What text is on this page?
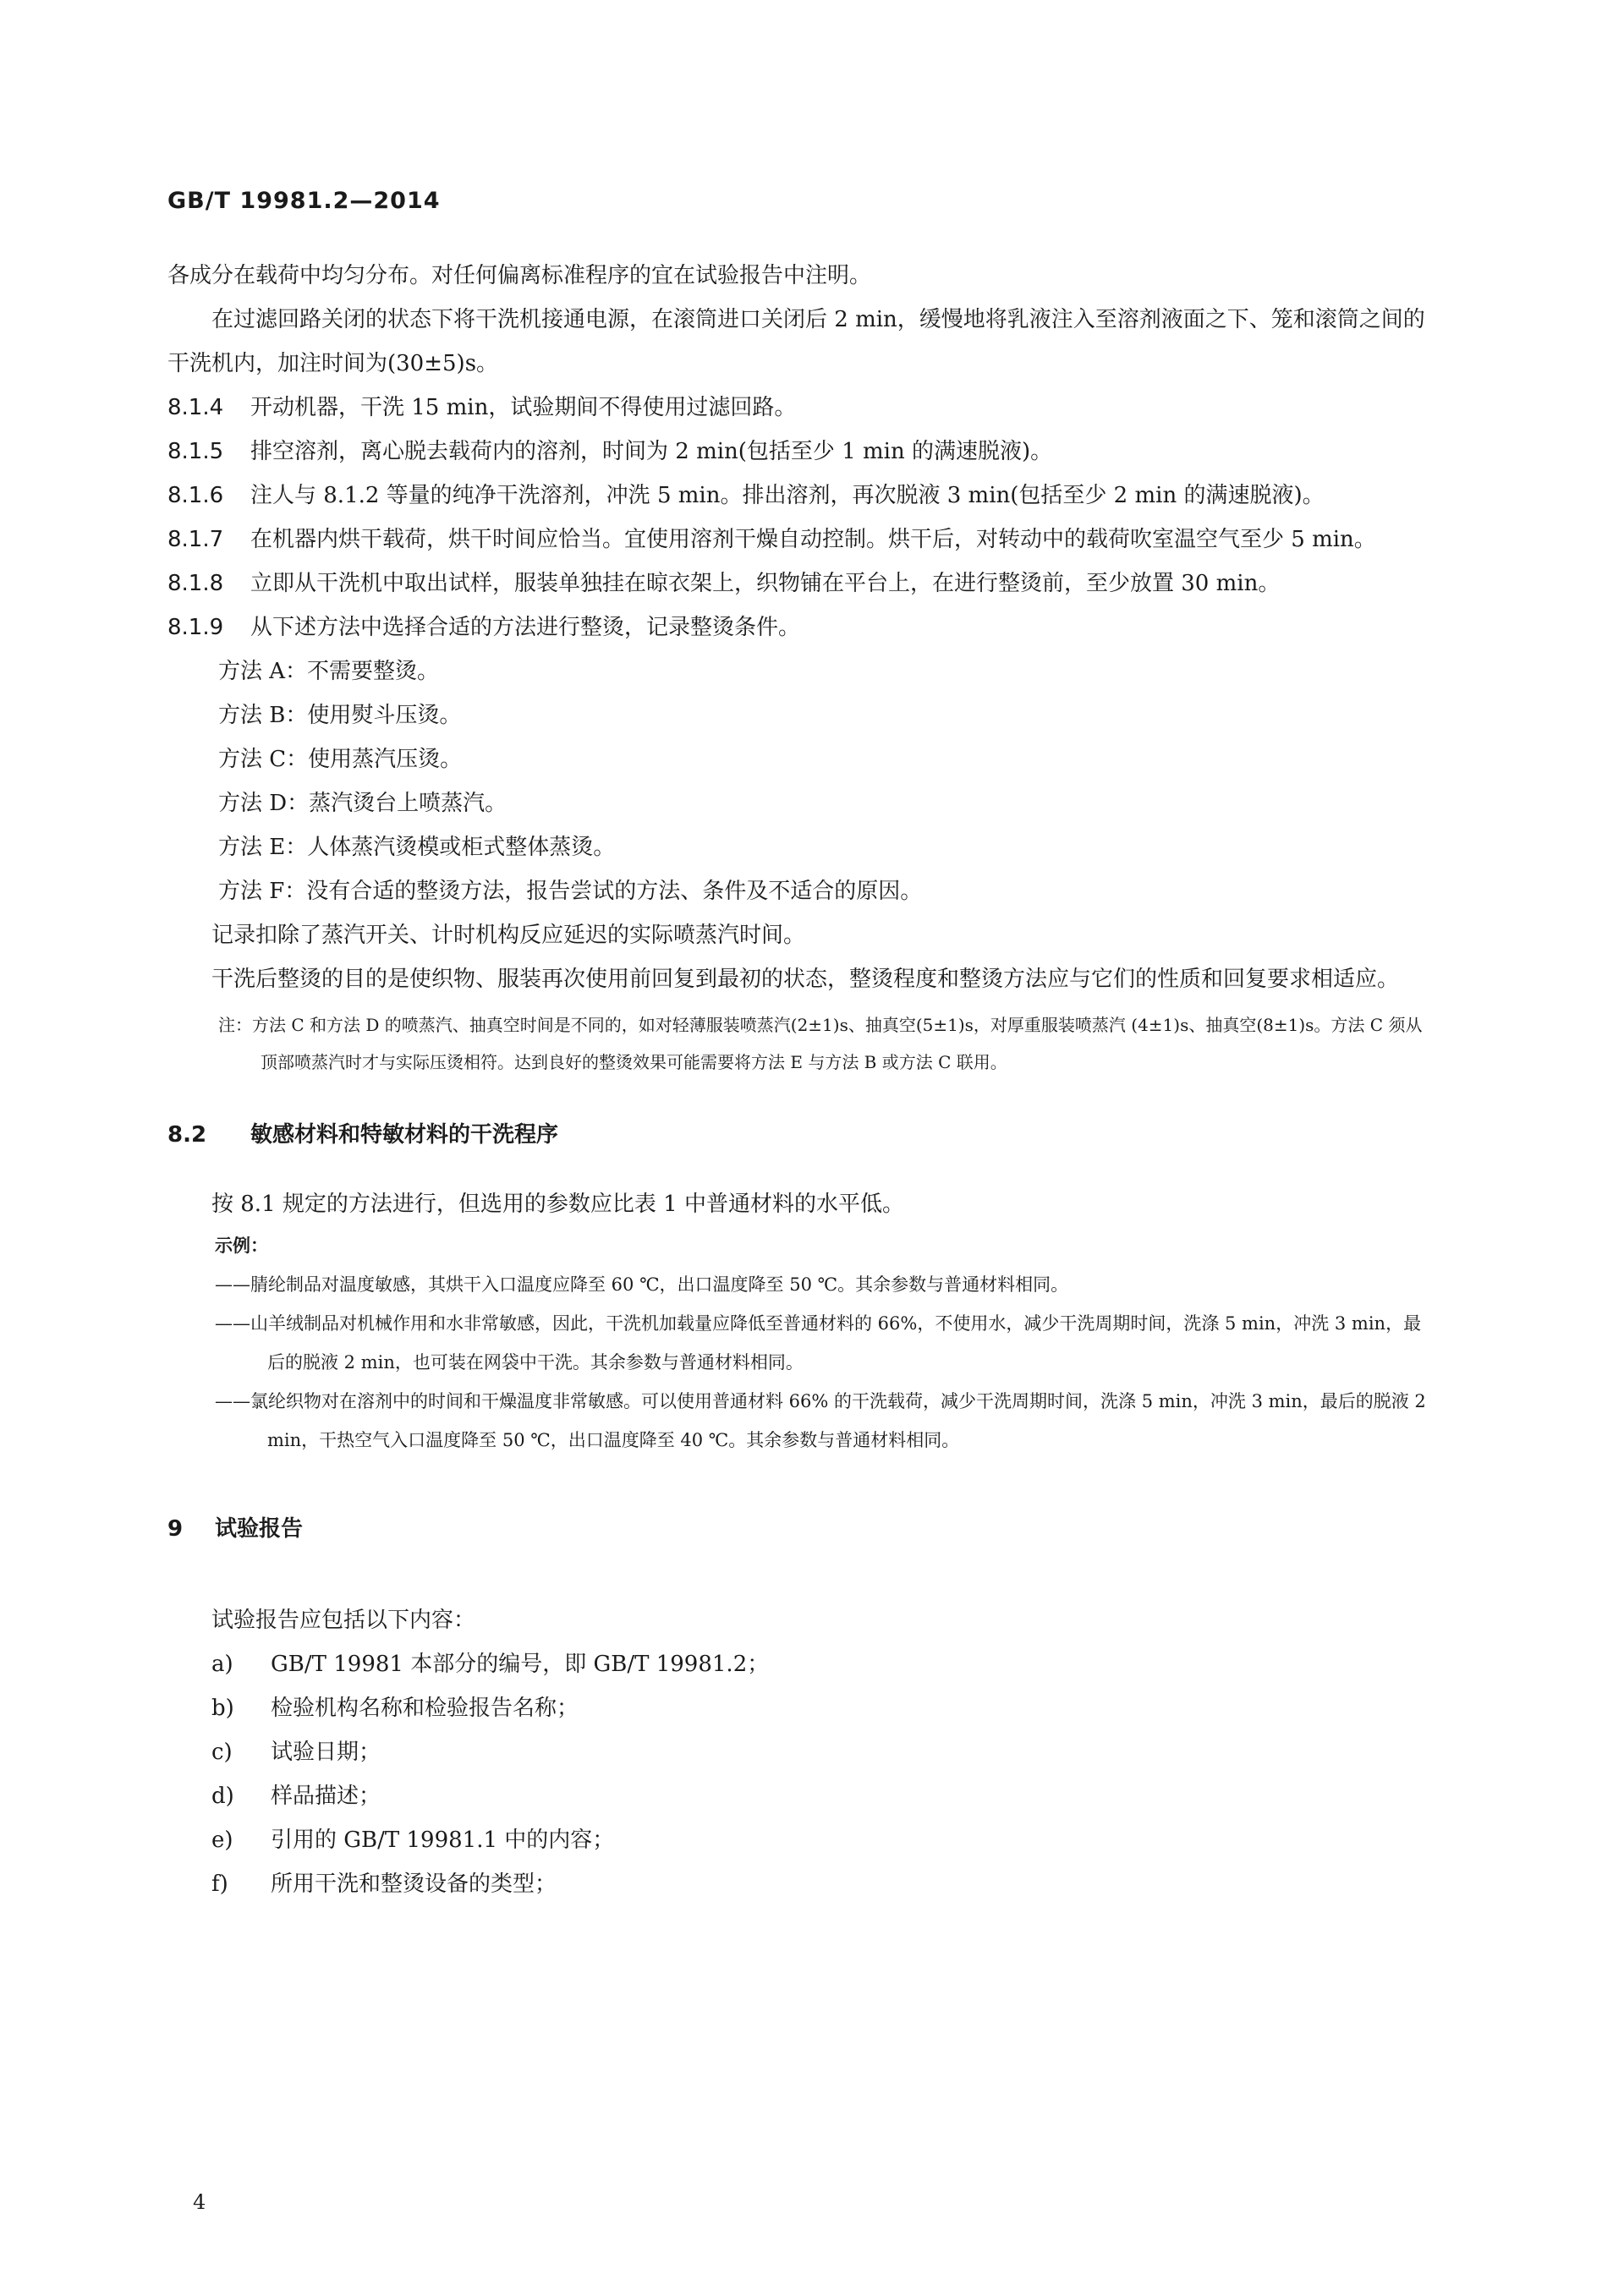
GB/T 19981.2—2014

各成分在载荷中均匀分布。对任何偏离标准程序的宜在试验报告中注明。

在过滤回路关闭的状态下将干洗机接通电源，在滚筒进口关闭后 2 min，缓慢地将乳液注入至溶剂液面之下、笼和滚筒之间的干洗机内，加注时间为(30±5)s。

8.1.4 开动机器，干洗 15 min，试验期间不得使用过滤回路。

8.1.5 排空溶剂，离心脱去载荷内的溶剂，时间为 2 min(包括至少 1 min 的满速脱液)。

8.1.6 注人与 8.1.2 等量的纯净干洗溶剂，冲洗 5 min。排出溶剂，再次脱液 3 min(包括至少 2 min 的满速脱液)。

8.1.7 在机器内烘干载荷，烘干时间应恰当。宜使用溶剂干燥自动控制。烘干后，对转动中的载荷吹室温空气至少 5 min。

8.1.8 立即从干洗机中取出试样，服装单独挂在晾衣架上，织物铺在平台上，在进行整烫前，至少放置 30 min。

8.1.9 从下述方法中选择合适的方法进行整烫，记录整烫条件。

方法 A：不需要整烫。

方法 B：使用熨斗压烫。

方法 C：使用蒸汽压烫。

方法 D：蒸汽烫台上喷蒸汽。

方法 E：人体蒸汽烫模或柜式整体蒸烫。

方法 F：没有合适的整烫方法，报告尝试的方法、条件及不适合的原因。

记录扣除了蒸汽开关、计时机构反应延迟的实际喷蒸汽时间。

干洗后整烫的目的是使织物、服装再次使用前回复到最初的状态，整烫程度和整烫方法应与它们的性质和回复要求相适应。

注：方法 C 和方法 D 的喷蒸汽、抽真空时间是不同的，如对轻薄服装喷蒸汽(2±1)s、抽真空(5±1)s，对厚重服装喷蒸汽 (4±1)s、抽真空(8±1)s。方法 C 须从顶部喷蒸汽时才与实际压烫相符。达到良好的整烫效果可能需要将方法 E 与方法 B 或方法 C 联用。

8.2 敏感材料和特敏材料的干洗程序

按 8.1 规定的方法进行，但选用的参数应比表 1 中普通材料的水平低。

示例：

——腈纶制品对温度敏感，其烘干入口温度应降至 60 ℃，出口温度降至 50 ℃。其余参数与普通材料相同。

——山羊绒制品对机械作用和水非常敏感，因此，干洗机加载量应降低至普通材料的 66%，不使用水，减少干洗周期时间，洗涤 5 min，冲洗 3 min，最后的脱液 2 min，也可装在网袋中干洗。其余参数与普通材料相同。

——氯纶织物对在溶剂中的时间和干燥温度非常敏感。可以使用普通材料 66% 的干洗载荷，减少干洗周期时间，洗涤 5 min，冲洗 3 min，最后的脱液 2 min，干热空气入口温度降至 50 ℃，出口温度降至 40 ℃。其余参数与普通材料相同。

9 试验报告

试验报告应包括以下内容：

a) GB/T 19981 本部分的编号，即 GB/T 19981.2；

b) 检验机构名称和检验报告名称；

c) 试验日期；

d) 样品描述；

e) 引用的 GB/T 19981.1 中的内容；

f) 所用干洗和整烫设备的类型；

4
